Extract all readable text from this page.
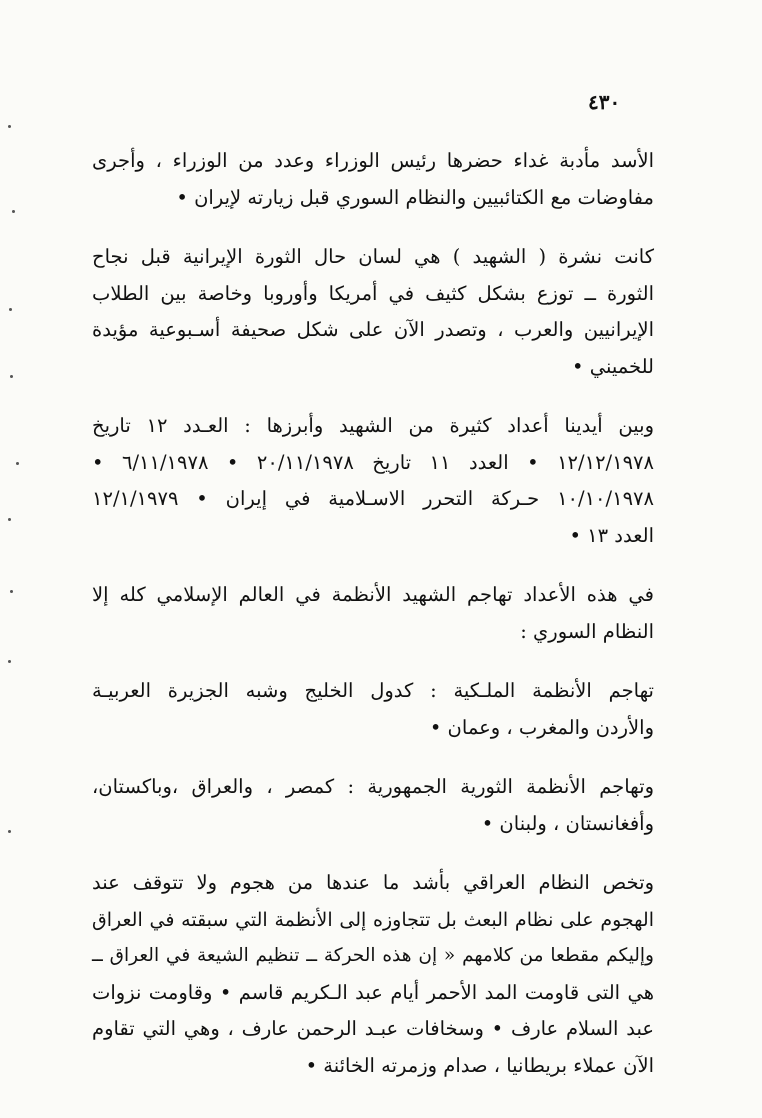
٤٣٠
الأسد مأدبة غداء حضرها رئيس الوزراء وعدد من الوزراء ، وأجرى
مفاوضات مع الكتائبيين والنظام السوري قبل زيارته لإيران •
كانت نشرة ( الشهيد ) هي لسان حال الثورة الإيرانية قبل نجاح
الثورة ــ توزع بشكل كثيف في أمريكا وأوروبا وخاصة بين الطلاب
الإيرانيين والعرب ، وتصدر الآن على شكل صحيفة أسـبوعية مؤيدة
للخميني •
وبين أيدينا أعداد كثيرة من الشهيد وأبرزها : العـدد ١٢ تاريخ
١٢/١٢/١٩٧٨ • العدد ١١ تاريخ ٢٠/١١/١٩٧٨ • ٦/١١/١٩٧٨ •
١٠/١٠/١٩٧٨ حـركة التحرر الاسـلامية في إيران • ١٢/١/١٩٧٩
العدد ١٣ •
في هذه الأعداد تهاجم الشهيد الأنظمة في العالم الإسلامي كله إلا
النظام السوري :
تهاجم الأنظمة الملـكية : كدول الخليج وشبه الجزيرة العربيـة
والأردن والمغرب ، وعمان •
وتهاجم الأنظمة الثورية الجمهورية : كمصر ، والعراق ،وباكستان،
وأفغانستان ، ولبنان •
وتخص النظام العراقي بأشد ما عندها من هجوم ولا تتوقف عند
الهجوم على نظام البعث بل تتجاوزه إلى الأنظمة التي سبقته في العراق
وإليكم مقطعا من كلامهم « إن هذه الحركة ــ تنظيم الشيعة في العراق ــ
هي التى قاومت المد الأحمر أيام عبد الـكريم قاسم • وقاومت نزوات
عبد السلام عارف • وسخافات عبـد الرحمن عارف ، وهي التي تقاوم
الآن عملاء بريطانيا ، صدام وزمرته الخائنة •
